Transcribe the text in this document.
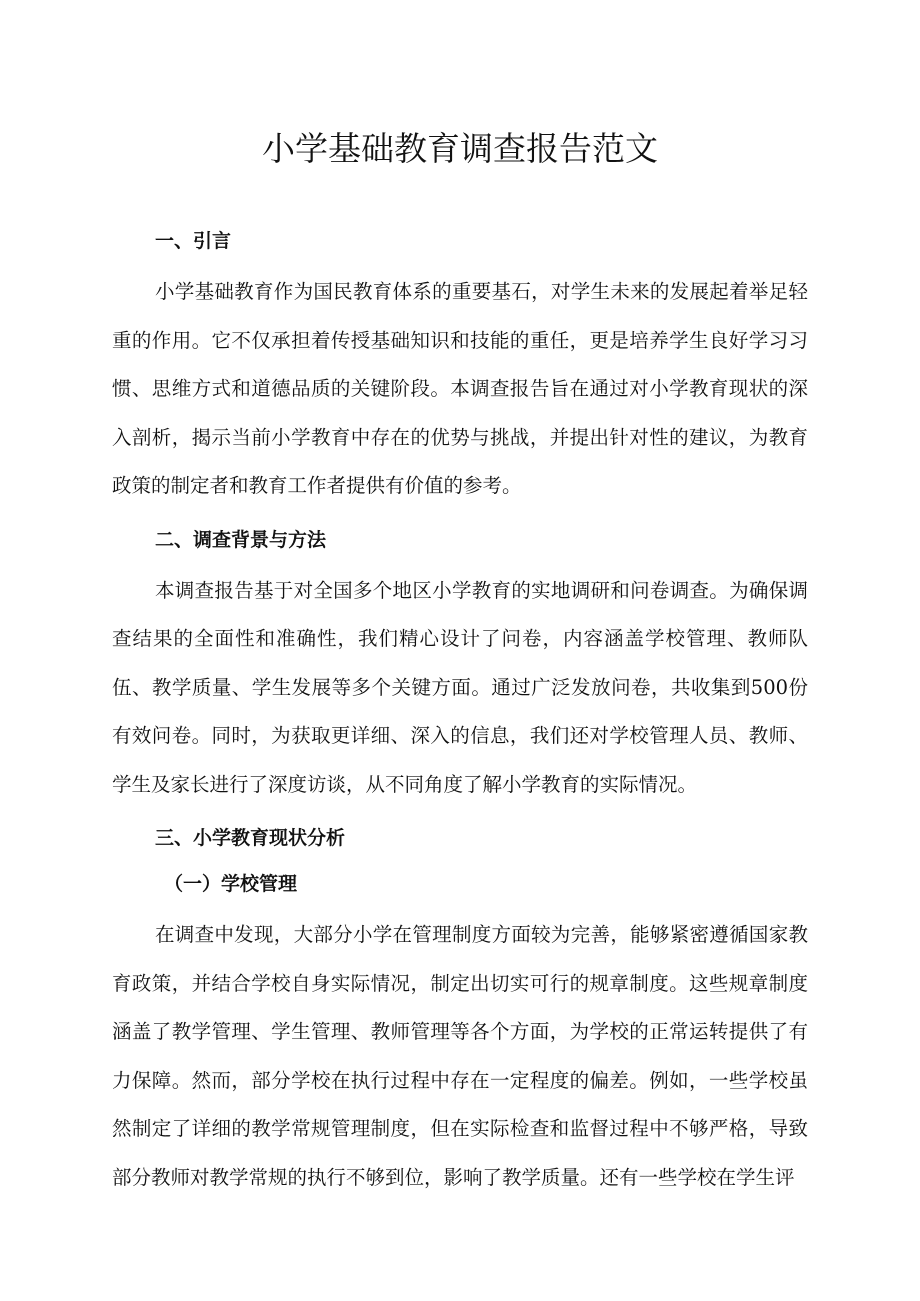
小学基础教育调查报告范文
一、引言

小学基础教育作为国民教育体系的重要基石，对学生未来的发展起着举足轻重的作用。它不仅承担着传授基础知识和技能的重任，更是培养学生良好学习习惯、思维方式和道德品质的关键阶段。本调查报告旨在通过对小学教育现状的深入剖析，揭示当前小学教育中存在的优势与挑战，并提出针对性的建议，为教育政策的制定者和教育工作者提供有价值的参考。

二、调查背景与方法

本调查报告基于对全国多个地区小学教育的实地调研和问卷调查。为确保调查结果的全面性和准确性，我们精心设计了问卷，内容涵盖学校管理、教师队伍、教学质量、学生发展等多个关键方面。通过广泛发放问卷，共收集到500份有效问卷。同时，为获取更详细、深入的信息，我们还对学校管理人员、教师、学生及家长进行了深度访谈，从不同角度了解小学教育的实际情况。

三、小学教育现状分析
（一）学校管理

在调查中发现，大部分小学在管理制度方面较为完善，能够紧密遵循国家教育政策，并结合学校自身实际情况，制定出切实可行的规章制度。这些规章制度涵盖了教学管理、学生管理、教师管理等各个方面，为学校的正常运转提供了有力保障。然而，部分学校在执行过程中存在一定程度的偏差。例如，一些学校虽然制定了详细的教学常规管理制度，但在实际检查和监督过程中不够严格，导致部分教师对教学常规的执行不够到位，影响了教学质量。还有一些学校在学生评
